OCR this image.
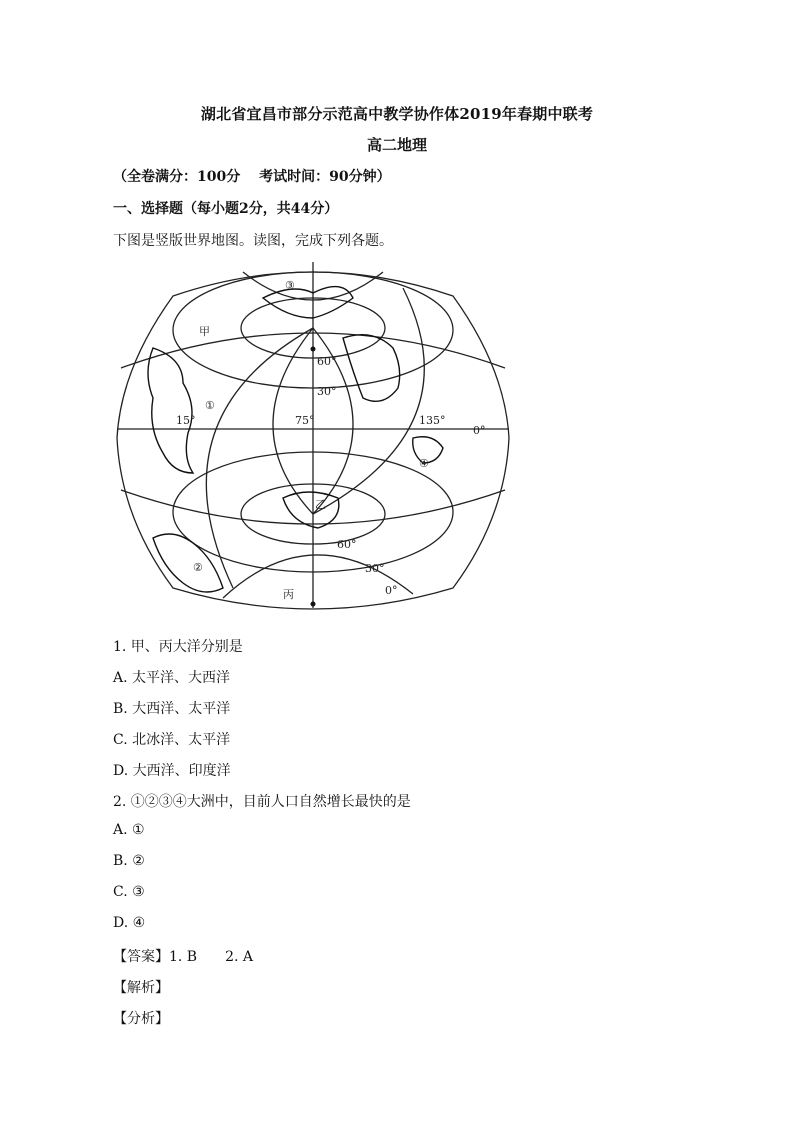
湖北省宜昌市部分示范高中教学协作体2019年春期中联考
高二地理
（全卷满分：100分　 考试时间：90分钟）
一、选择题（每小题2分，共44分）
下图是竖版世界地图。读图，完成下列各题。
甲
乙
丙
①
②
③
④
15°	75°	135°
0°
60°
30°
60°
30°
0°
1. 甲、丙大洋分别是
A. 太平洋、大西洋
B. 大西洋、太平洋
C. 北冰洋、太平洋
D. 大西洋、印度洋
2. ①②③④大洲中，目前人口自然增长最快的是
A. ①
B. ②
C. ③
D. ④
【答案】1. B　　2. A
【解析】
【分析】
